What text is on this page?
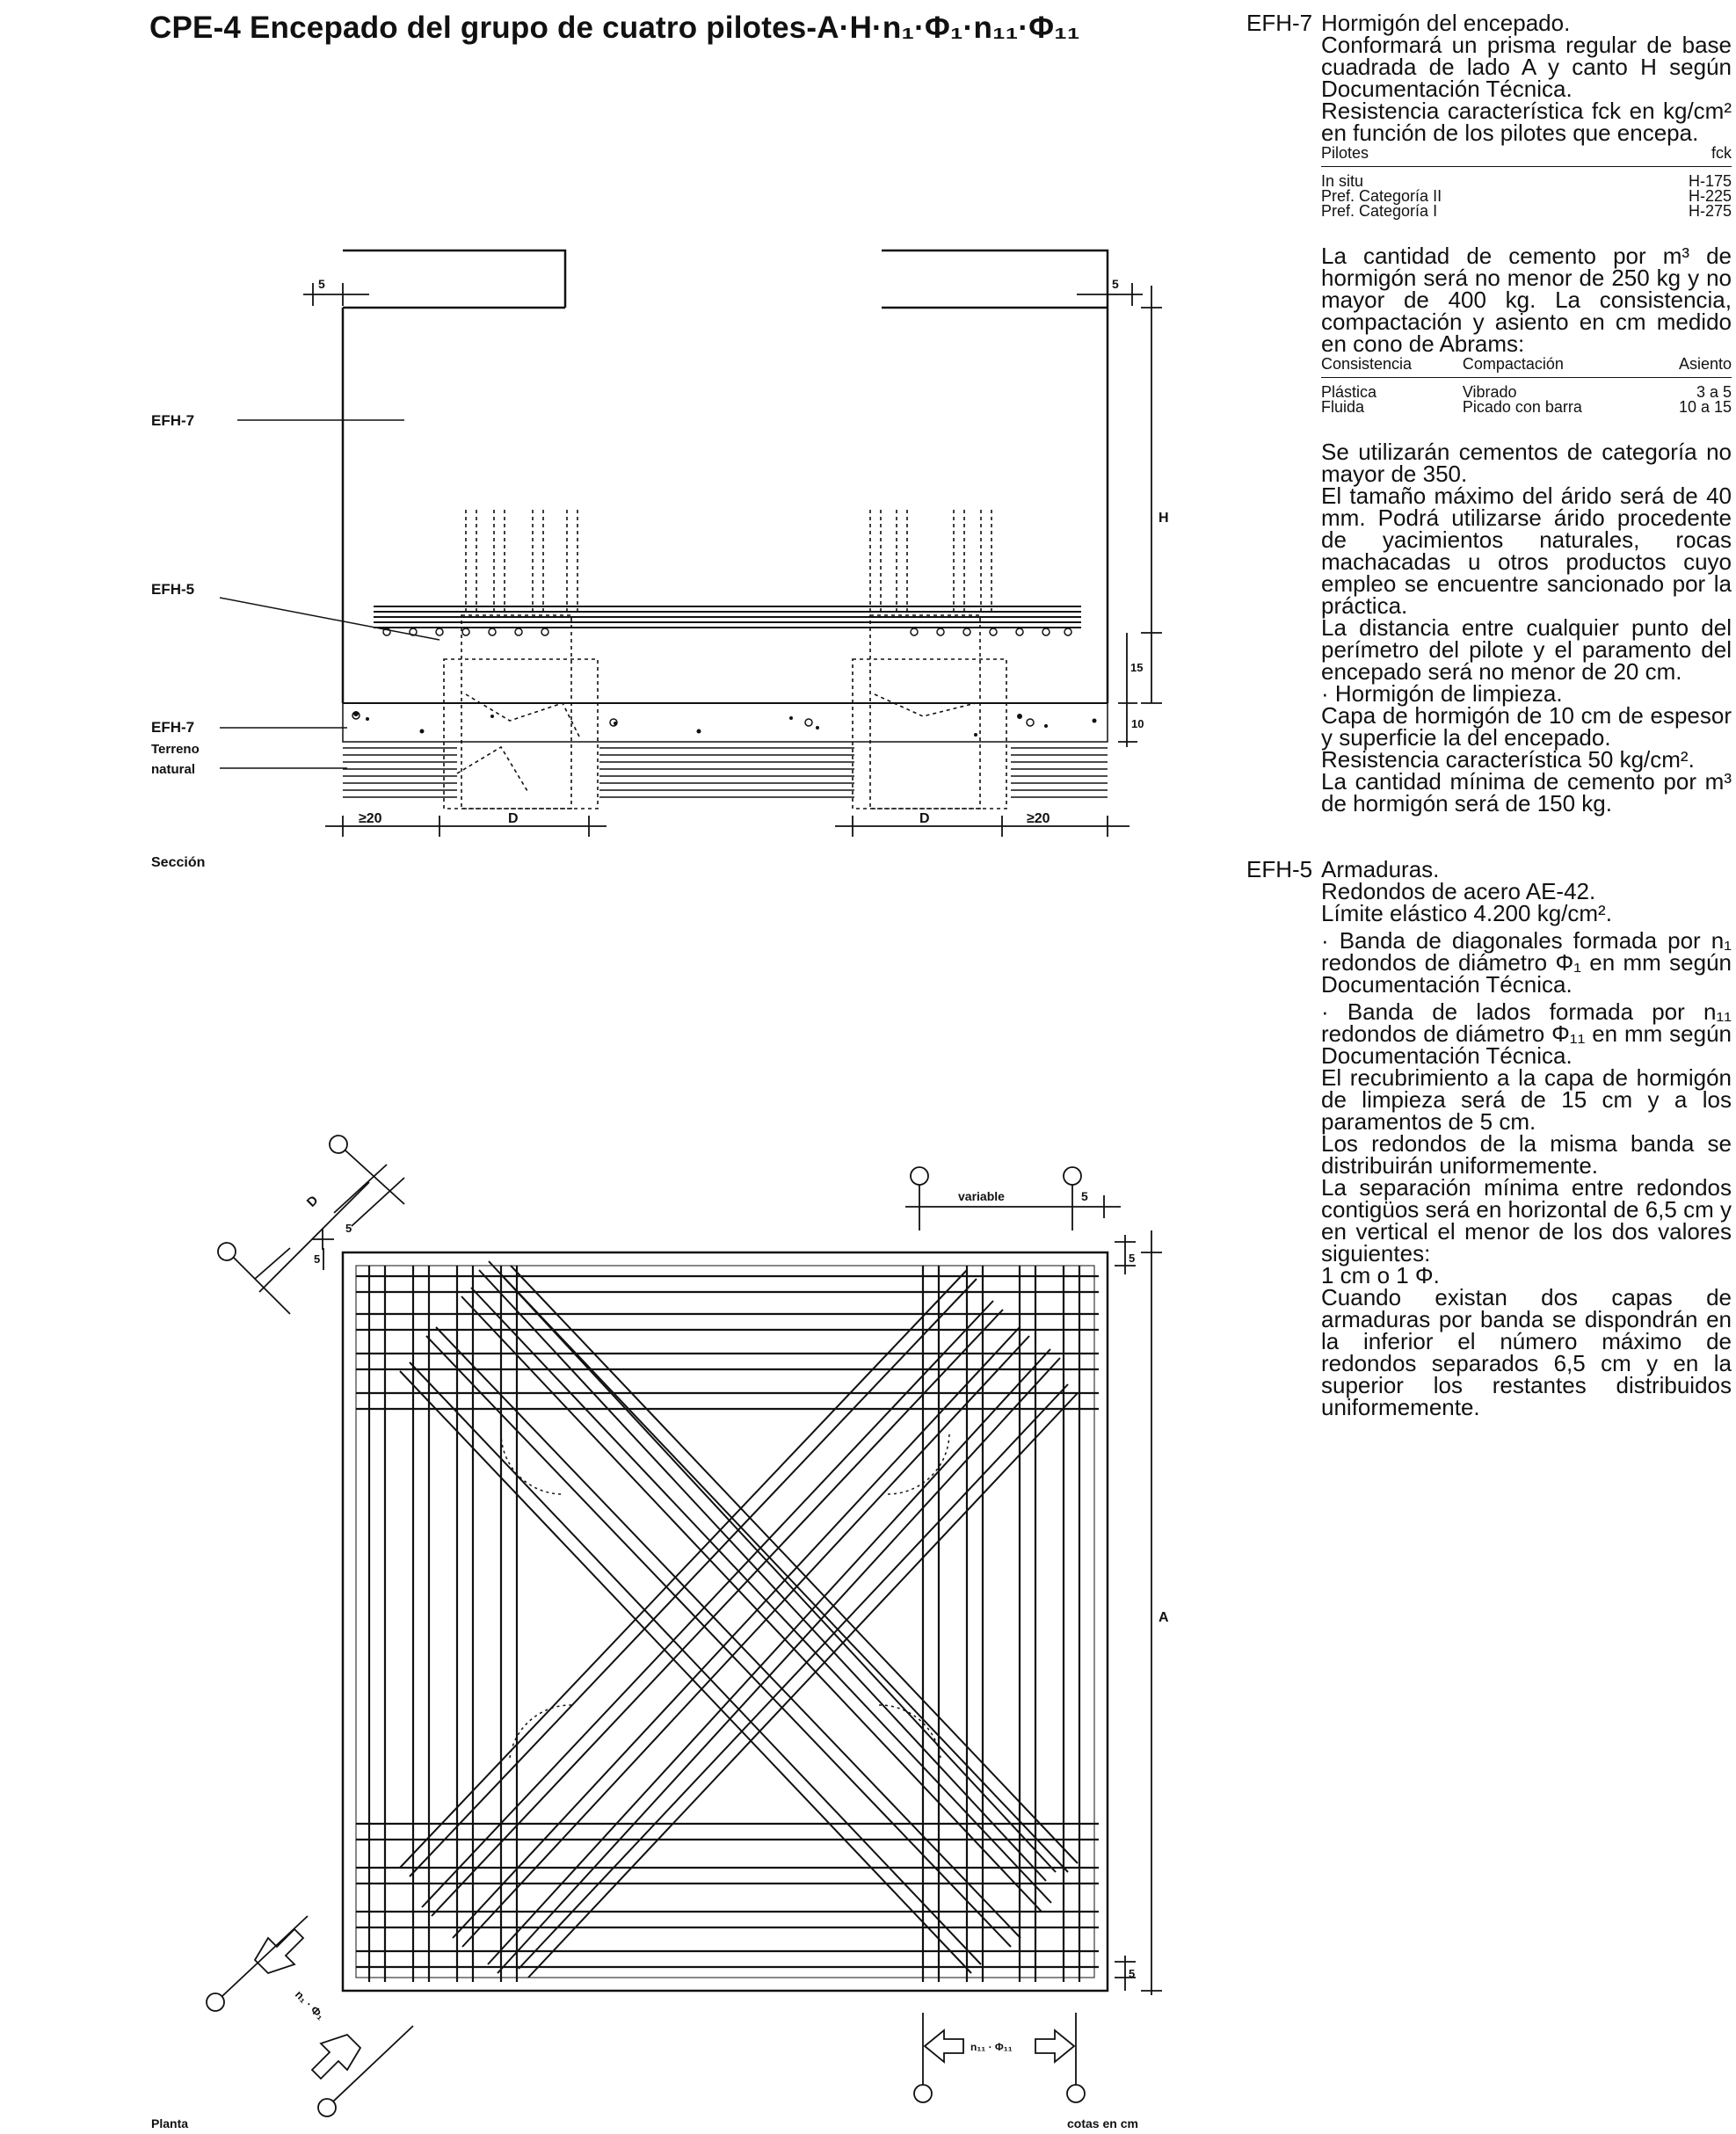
CPE-4 Encepado del grupo de cuatro pilotes-A·H·n₁·Φ₁·n₁₁·Φ₁₁
EFH-7
EFH-5
EFH-7
Terreno
natural
5	5
H
15
10
≥20	D	D	≥20
Sección
D
5
5
variable	5
5
A
5
n₁ · Φ₁
n₁₁ · Φ₁₁
Planta	cotas en cm
EFH-7 Hormigón del encepado.

Conformará un prisma regular de base cuadrada de lado A y canto H según Documentación Técnica.

Resistencia característica fck en kg/cm² en función de los pilotes que encepa.

Pilotes	fck
In situ	H-175
Pref. Categoría II	H-225
Pref. Categoría I	H-275

La cantidad de cemento por m³ de hormigón será no menor de 250 kg y no mayor de 400 kg. La consistencia, compactación y asiento en cm medido en cono de Abrams:

Consistencia	Compactación	Asiento
Plástica	Vibrado	3 a 5
Fluida	Picado con barra	10 a 15

Se utilizarán cementos de categoría no mayor de 350.

El tamaño máximo del árido será de 40 mm. Podrá utilizarse árido procedente de yacimientos naturales, rocas machacadas u otros productos cuyo empleo se encuentre sancionado por la práctica.

La distancia entre cualquier punto del perímetro del pilote y el paramento del encepado será no menor de 20 cm.

· Hormigón de limpieza.

Capa de hormigón de 10 cm de espesor y superficie la del encepado.

Resistencia característica 50 kg/cm².

La cantidad mínima de cemento por m³ de hormigón será de 150 kg.

EFH-5 Armaduras.

Redondos de acero AE-42.

Límite elástico 4.200 kg/cm².

· Banda de diagonales formada por n₁ redondos de diámetro Φ₁ en mm según Documentación Técnica.

· Banda de lados formada por n₁₁ redondos de diámetro Φ₁₁ en mm según Documentación Técnica.

El recubrimiento a la capa de hormigón de limpieza será de 15 cm y a los paramentos de 5 cm.

Los redondos de la misma banda se distribuirán uniformemente.

La separación mínima entre redondos contigüos será en horizontal de 6,5 cm y en vertical el menor de los dos valores siguientes:

1 cm o 1 Φ.

Cuando existan dos capas de armaduras por banda se dispondrán en la inferior el número máximo de redondos separados 6,5 cm y en la superior los restantes distribuidos uniformemente.
